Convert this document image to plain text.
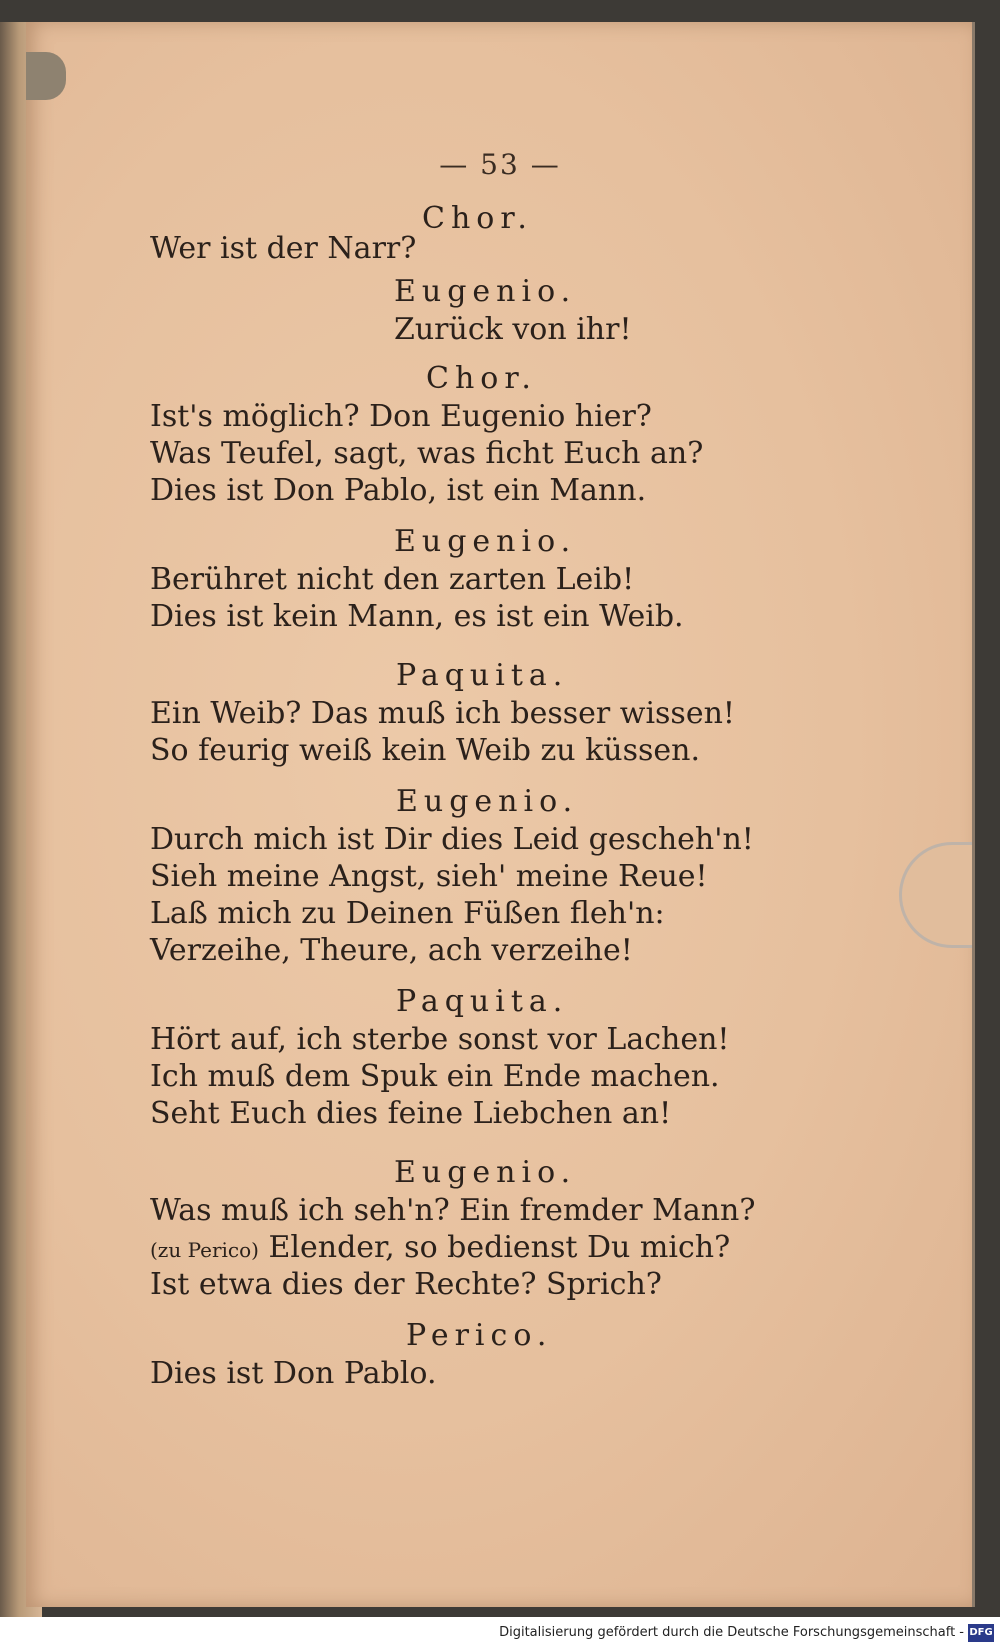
— 53 —
Chor.
Wer ist der Narr?
Eugenio.
Zurück von ihr!
Chor.
Ist's möglich? Don Eugenio hier?
Was Teufel, sagt, was ficht Euch an?
Dies ist Don Pablo, ist ein Mann.
Eugenio.
Berühret nicht den zarten Leib!
Dies ist kein Mann, es ist ein Weib.
Paquita.
Ein Weib? Das muß ich besser wissen!
So feurig weiß kein Weib zu küssen.
Eugenio.
Durch mich ist Dir dies Leid gescheh'n!
Sieh meine Angst, sieh' meine Reue!
Laß mich zu Deinen Füßen fleh'n:
Verzeihe, Theure, ach verzeihe!
Paquita.
Hört auf, ich sterbe sonst vor Lachen!
Ich muß dem Spuk ein Ende machen.
Seht Euch dies feine Liebchen an!
Eugenio.
Was muß ich seh'n? Ein fremder Mann?
(zu Perico) Elender, so bedienst Du mich?
Ist etwa dies der Rechte? Sprich?
Perico.
Dies ist Don Pablo.
Digitalisierung gefördert durch die Deutsche Forschungsgemeinschaft - DFG
